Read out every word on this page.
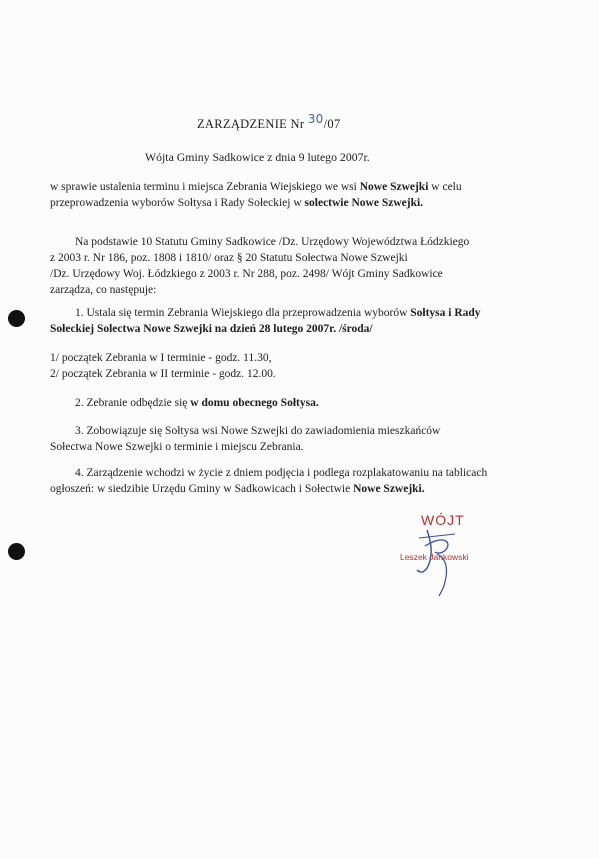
ZARZĄDZENIE Nr 30/07
Wójta Gminy Sadkowice z dnia 9 lutego 2007r.
w sprawie ustalenia terminu i miejsca Zebrania Wiejskiego we wsi Nowe Szwejki w celu
przeprowadzenia wyborów Sołtysa i Rady Sołeckiej w solectwie Nowe Szwejki.
Na podstawie 10 Statutu Gminy Sadkowice /Dz. Urzędowy Województwa Łódzkiego
z 2003 r. Nr 186, poz. 1808 i 1810/ oraz § 20 Statutu Sołectwa Nowe Szwejki
/Dz. Urzędowy Woj. Łódzkiego z 2003 r. Nr 288, poz. 2498/ Wójt Gminy Sadkowice
zarządza, co następuje:
1. Ustala się termin Zebrania Wiejskiego dla przeprowadzenia wyborów Sołtysa i Rady
Sołeckiej Solectwa Nowe Szwejki na dzień 28 lutego 2007r. /środa/
1/ początek Zebrania w I terminie - godz. 11.30,
2/ początek Zebrania w II terminie - godz. 12.00.
2. Zebranie odbędzie się w domu obecnego Sołtysa.
3. Zobowiązuje się Sołtysa wsi Nowe Szwejki do zawiadomienia mieszkańców
Sołectwa Nowe Szwejki o terminie i miejscu Zebrania.
4. Zarządzenie wchodzi w życie z dniem podjęcia i podlega rozplakatowaniu na tablicach
ogłoszeń: w siedzibie Urzędu Gminy w Sadkowicach i Sołectwie Nowe Szwejki.
WÓJT
Leszek Jankowski
